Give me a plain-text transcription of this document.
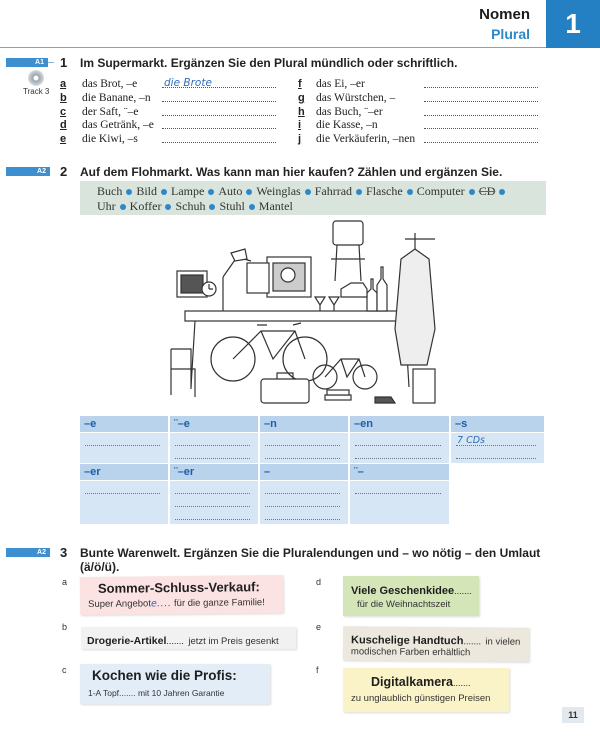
Nomen
Plural	1
A1	1 Im Supermarkt. Ergänzen Sie den Plural mündlich oder schriftlich.
Track 3
a das Brot, –e	die Brote
b die Banane, –n
c der Saft, ¨–e
d das Getränk, –e
e die Kiwi, –s
f das Ei, –er
g das Würstchen, –
h das Buch, ¨–er
i die Kasse, –n
j die Verkäuferin, –nen
A2	2 Auf dem Flohmarkt. Was kann man hier kaufen? Zählen und ergänzen Sie.
Buch Bild Lampe Auto Weinglas Fahrrad Flasche Computer CD
Uhr Koffer Schuh Stuhl Mantel
–e	¨–e	–n	–en	–s
7 CDs
–er	¨–er	–	¨–
A2	3 Bunte Warenwelt. Ergänzen Sie die Pluralendungen und – wo nötig – den Umlaut
(ä/ö/ü).
a
b
c
d
e
f
Sommer-Schluss-Verkauf:
Super Angebote.... für die ganze Familie!
Drogerie-Artikel....... jetzt im Preis gesenkt
Kochen wie die Profis:
1-A Topf....... mit 10 Jahren Garantie
Viele Geschenkidee.......
für die Weihnachtszeit
Kuschelige Handtuch....... in vielen
modischen Farben erhältlich
Digitalkamera.......
zu unglaublich günstigen Preisen
11
